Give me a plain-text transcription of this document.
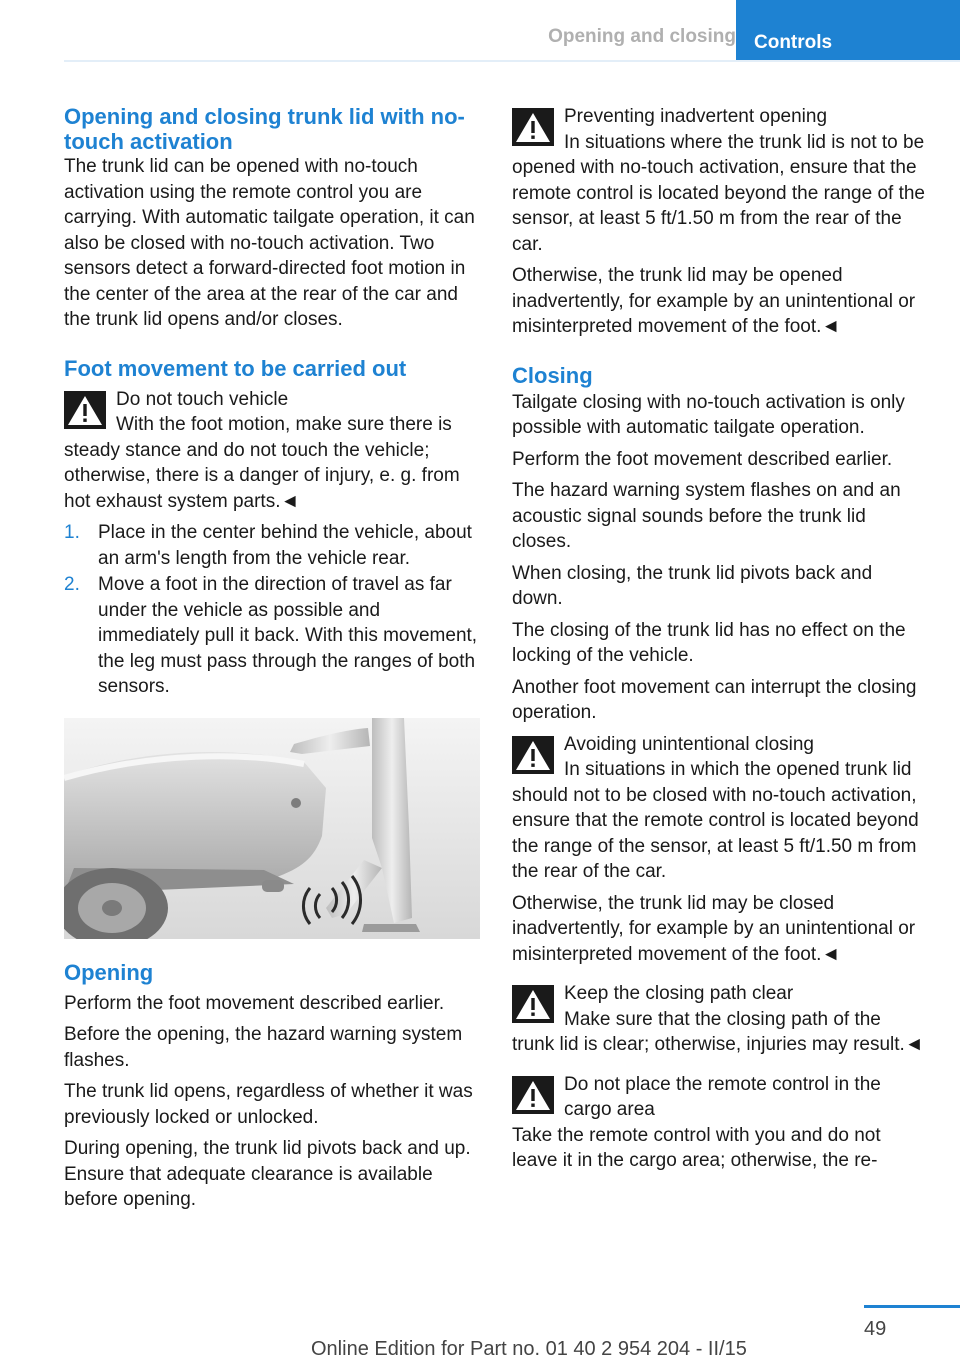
Opening and closing Controls
Opening and closing trunk lid with no-touch activation

The trunk lid can be opened with no-touch activation using the remote control you are carrying. With automatic tailgate operation, it can also be closed with no-touch activation. Two sensors detect a forward-directed foot motion in the center of the area at the rear of the car and the trunk lid opens and/or closes.

Foot movement to be carried out
Do not touch vehicle

With the foot motion, make sure there is steady stance and do not touch the vehicle; otherwise, there is a danger of injury, e. g. from hot exhaust system parts.◄

1. Place in the center behind the vehicle, about an arm's length from the vehicle rear.
2. Move a foot in the direction of travel as far under the vehicle as possible and immediately pull it back. With this movement, the leg must pass through the ranges of both sensors.
Opening

Perform the foot movement described earlier.

Before the opening, the hazard warning system flashes.

The trunk lid opens, regardless of whether it was previously locked or unlocked.

During opening, the trunk lid pivots back and up. Ensure that adequate clearance is available before opening.

Preventing inadvertent opening

In situations where the trunk lid is not to be opened with no-touch activation, ensure that the remote control is located beyond the range of the sensor, at least 5 ft/1.50 m from the rear of the car.

Otherwise, the trunk lid may be opened inadvertently, for example by an unintentional or misinterpreted movement of the foot.◄

Closing

Tailgate closing with no-touch activation is only possible with automatic tailgate operation.

Perform the foot movement described earlier.

The hazard warning system flashes on and an acoustic signal sounds before the trunk lid closes.

When closing, the trunk lid pivots back and down.

The closing of the trunk lid has no effect on the locking of the vehicle.

Another foot movement can interrupt the closing operation.

Avoiding unintentional closing

In situations in which the opened trunk lid should not to be closed with no-touch activation, ensure that the remote control is located beyond the range of the sensor, at least 5 ft/1.50 m from the rear of the car.

Otherwise, the trunk lid may be closed inadvertently, for example by an unintentional or misinterpreted movement of the foot.◄

Keep the closing path clear

Make sure that the closing path of the trunk lid is clear; otherwise, injuries may result.◄

Do not place the remote control in the cargo area

Take the remote control with you and do not leave it in the cargo area; otherwise, the re-

49
Online Edition for Part no. 01 40 2 954 204 - II/15
